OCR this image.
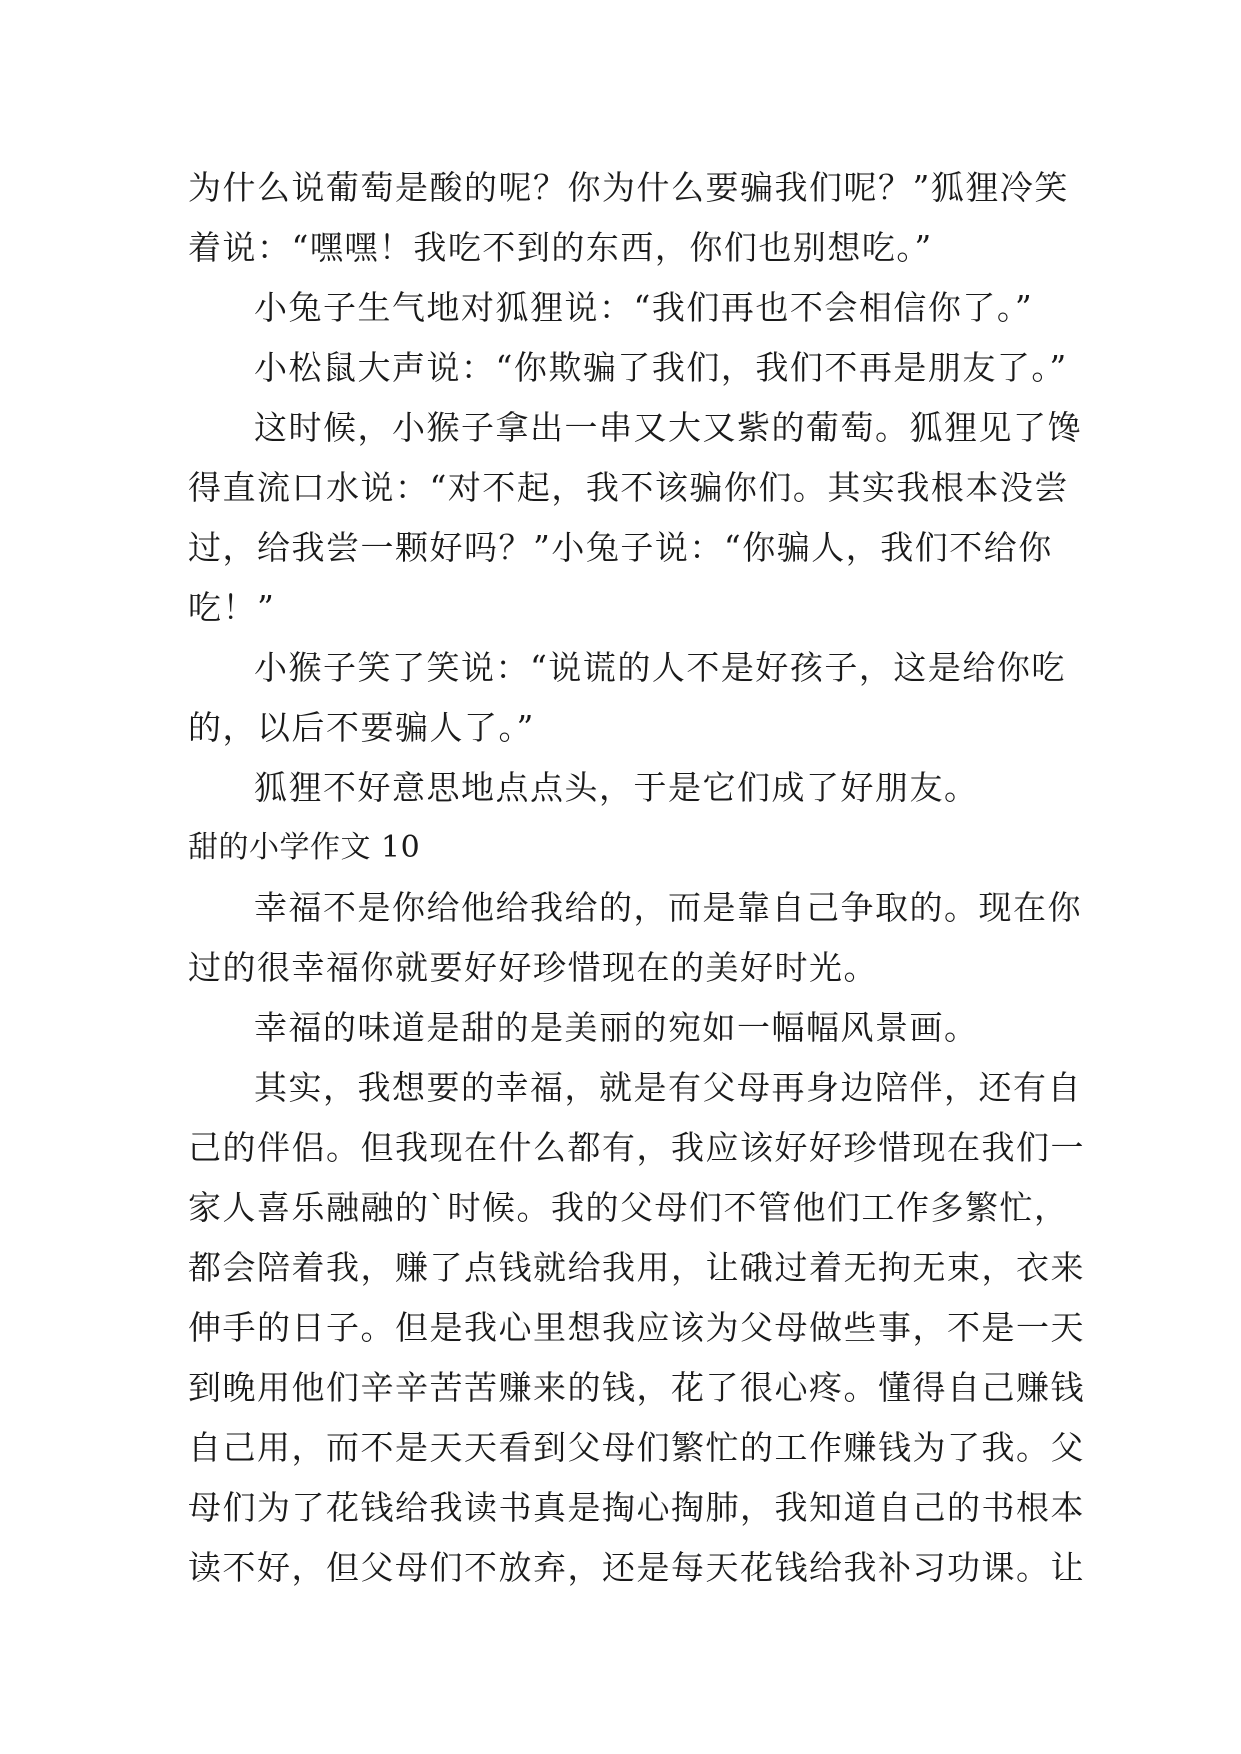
为什么说葡萄是酸的呢？你为什么要骗我们呢？”狐狸冷笑
着说：“嘿嘿！我吃不到的东西，你们也别想吃。”
小兔子生气地对狐狸说：“我们再也不会相信你了。”
小松鼠大声说：“你欺骗了我们，我们不再是朋友了。”
这时候，小猴子拿出一串又大又紫的葡萄。狐狸见了馋
得直流口水说：“对不起，我不该骗你们。其实我根本没尝
过，给我尝一颗好吗？”小兔子说：“你骗人，我们不给你
吃！”
小猴子笑了笑说：“说谎的人不是好孩子，这是给你吃
的，以后不要骗人了。”
狐狸不好意思地点点头，于是它们成了好朋友。
甜的小学作文 10
幸福不是你给他给我给的，而是靠自己争取的。现在你
过的很幸福你就要好好珍惜现在的美好时光。
幸福的味道是甜的是美丽的宛如一幅幅风景画。
其实，我想要的幸福，就是有父母再身边陪伴，还有自
己的伴侣。但我现在什么都有，我应该好好珍惜现在我们一
家人喜乐融融的`时候。我的父母们不管他们工作多繁忙，
都会陪着我，赚了点钱就给我用，让硪过着无拘无束，衣来
伸手的日子。但是我心里想我应该为父母做些事，不是一天
到晚用他们辛辛苦苦赚来的钱，花了很心疼。懂得自己赚钱
自己用，而不是天天看到父母们繁忙的工作赚钱为了我。父
母们为了花钱给我读书真是掏心掏肺，我知道自己的书根本
读不好，但父母们不放弃，还是每天花钱给我补习功课。让
